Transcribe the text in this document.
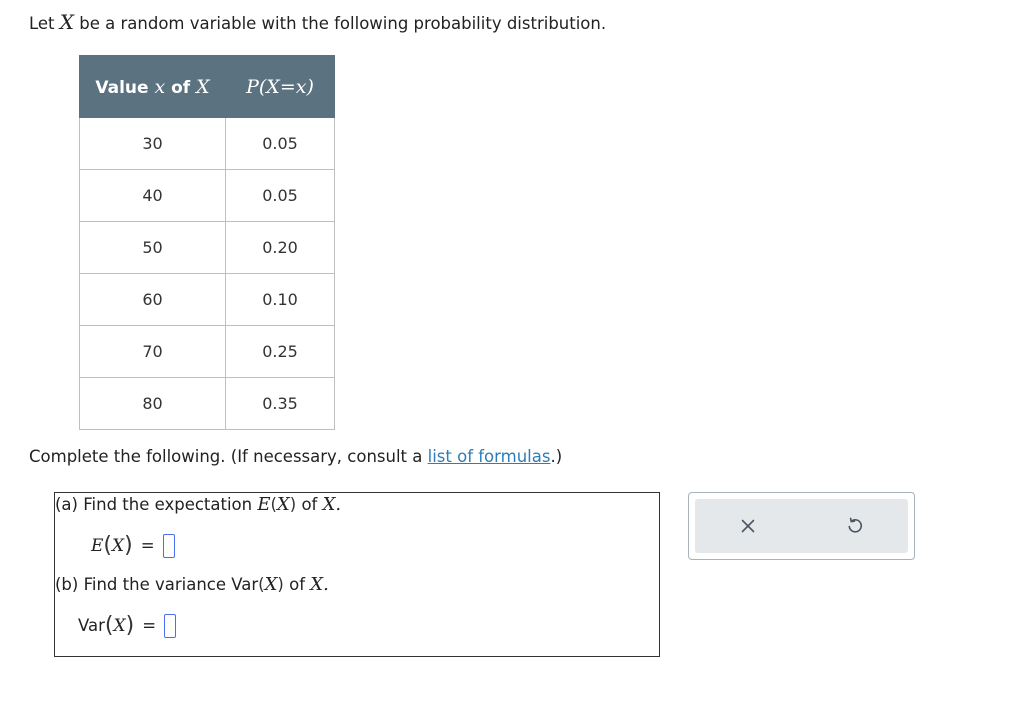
Let X be a random variable with the following probability distribution.
Value x of X	P(X=x)
30	0.05
40	0.05
50	0.20
60	0.10
70	0.25
80	0.35
Complete the following. (If necessary, consult a list of formulas.)
(a) Find the expectation E(X) of X.
E ( X ) =
(b) Find the variance Var(X) of X.
Var ( X ) =
